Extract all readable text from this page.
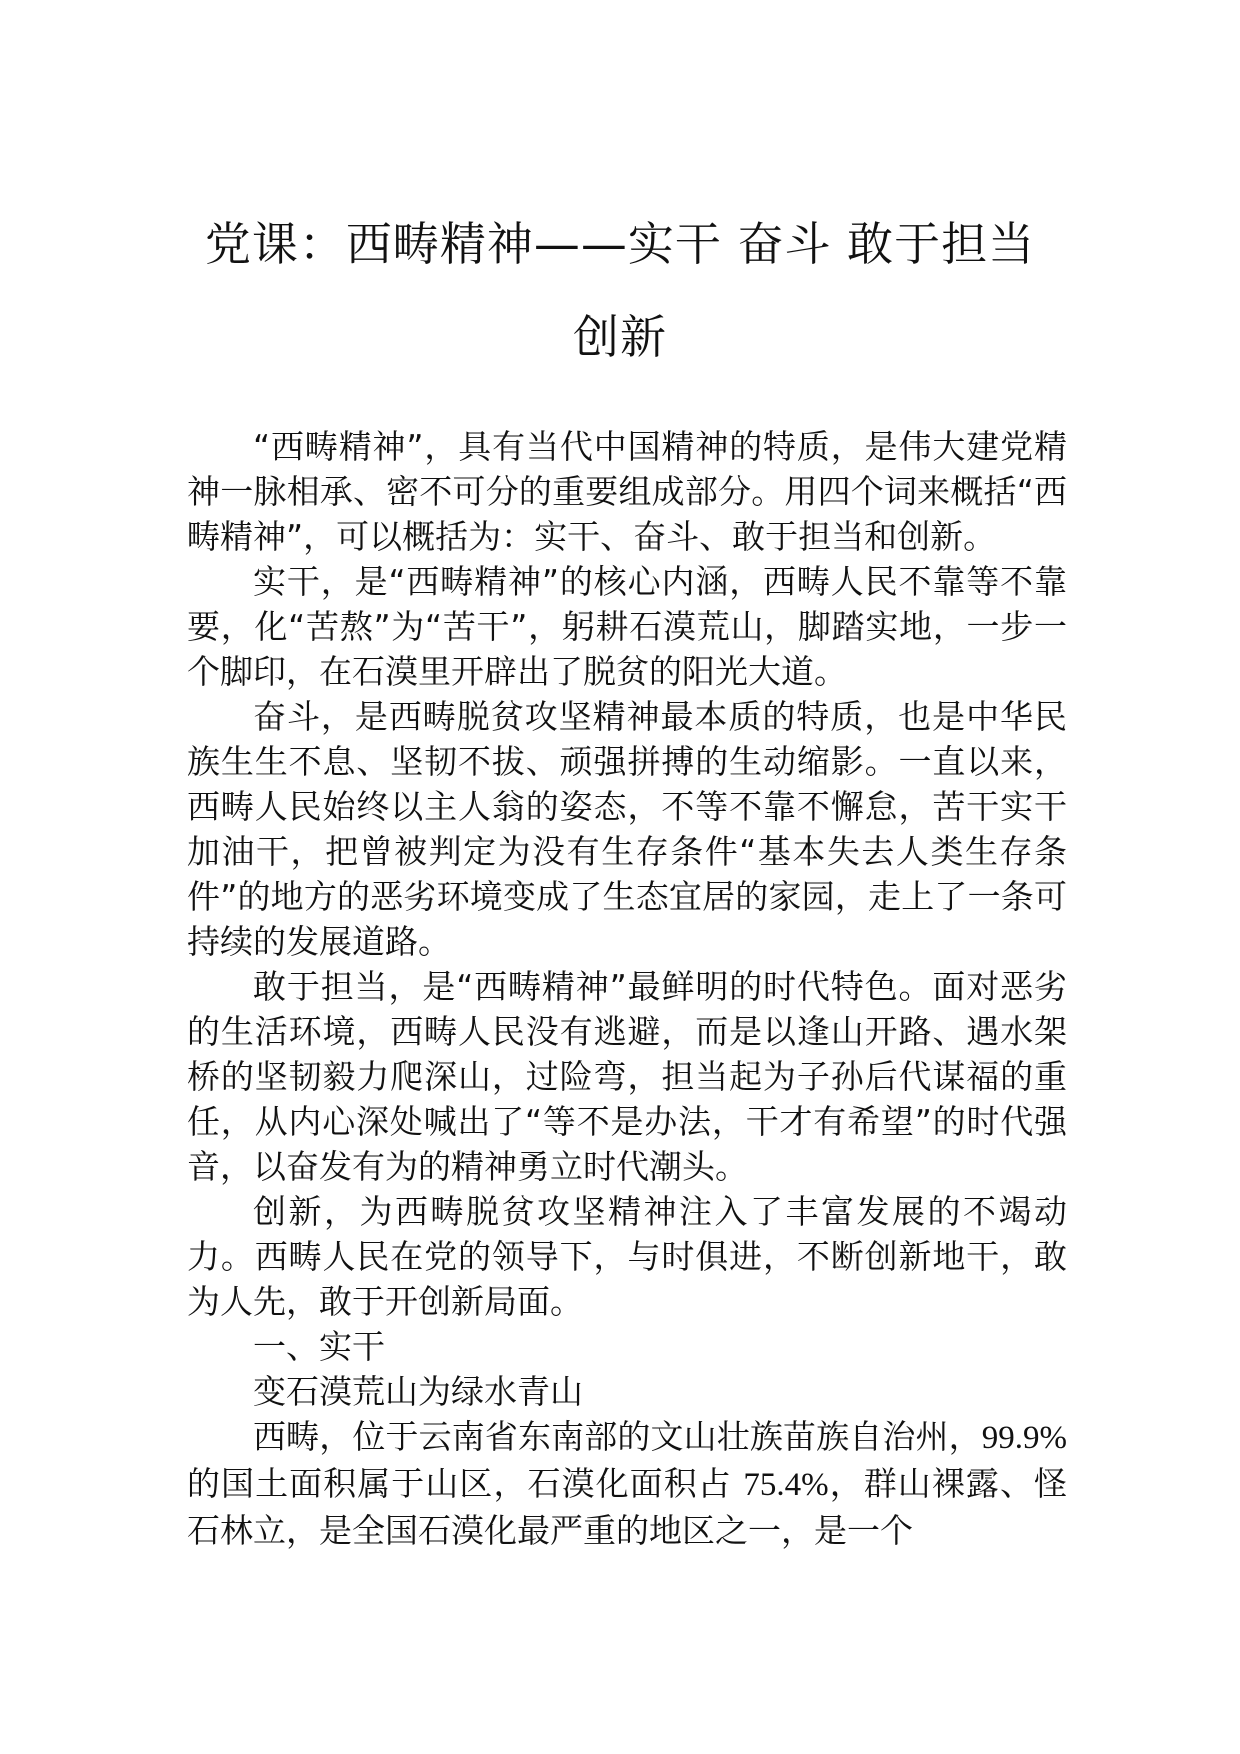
党课：西畴精神——实干 奋斗 敢于担当
创新

“西畴精神”，具有当代中国精神的特质，是伟大建党精神一脉相承、密不可分的重要组成部分。用四个词来概括“西畴精神”，可以概括为：实干、奋斗、敢于担当和创新。

实干，是“西畴精神”的核心内涵，西畴人民不靠等不靠要，化“苦熬”为“苦干”，躬耕石漠荒山，脚踏实地，一步一个脚印，在石漠里开辟出了脱贫的阳光大道。

奋斗，是西畴脱贫攻坚精神最本质的特质，也是中华民族生生不息、坚韧不拔、顽强拼搏的生动缩影。一直以来，西畴人民始终以主人翁的姿态，不等不靠不懈怠，苦干实干加油干，把曾被判定为没有生存条件“基本失去人类生存条件”的地方的恶劣环境变成了生态宜居的家园，走上了一条可持续的发展道路。

敢于担当，是“西畴精神”最鲜明的时代特色。面对恶劣的生活环境，西畴人民没有逃避，而是以逢山开路、遇水架桥的坚韧毅力爬深山，过险弯，担当起为子孙后代谋福的重任，从内心深处喊出了“等不是办法，干才有希望”的时代强音，以奋发有为的精神勇立时代潮头。

创新，为西畴脱贫攻坚精神注入了丰富发展的不竭动力。西畴人民在党的领导下，与时俱进，不断创新地干，敢为人先，敢于开创新局面。

一、实干

变石漠荒山为绿水青山

西畴，位于云南省东南部的文山壮族苗族自治州，99.9%的国土面积属于山区，石漠化面积占 75.4%，群山裸露、怪石林立，是全国石漠化最严重的地区之一，是一个
